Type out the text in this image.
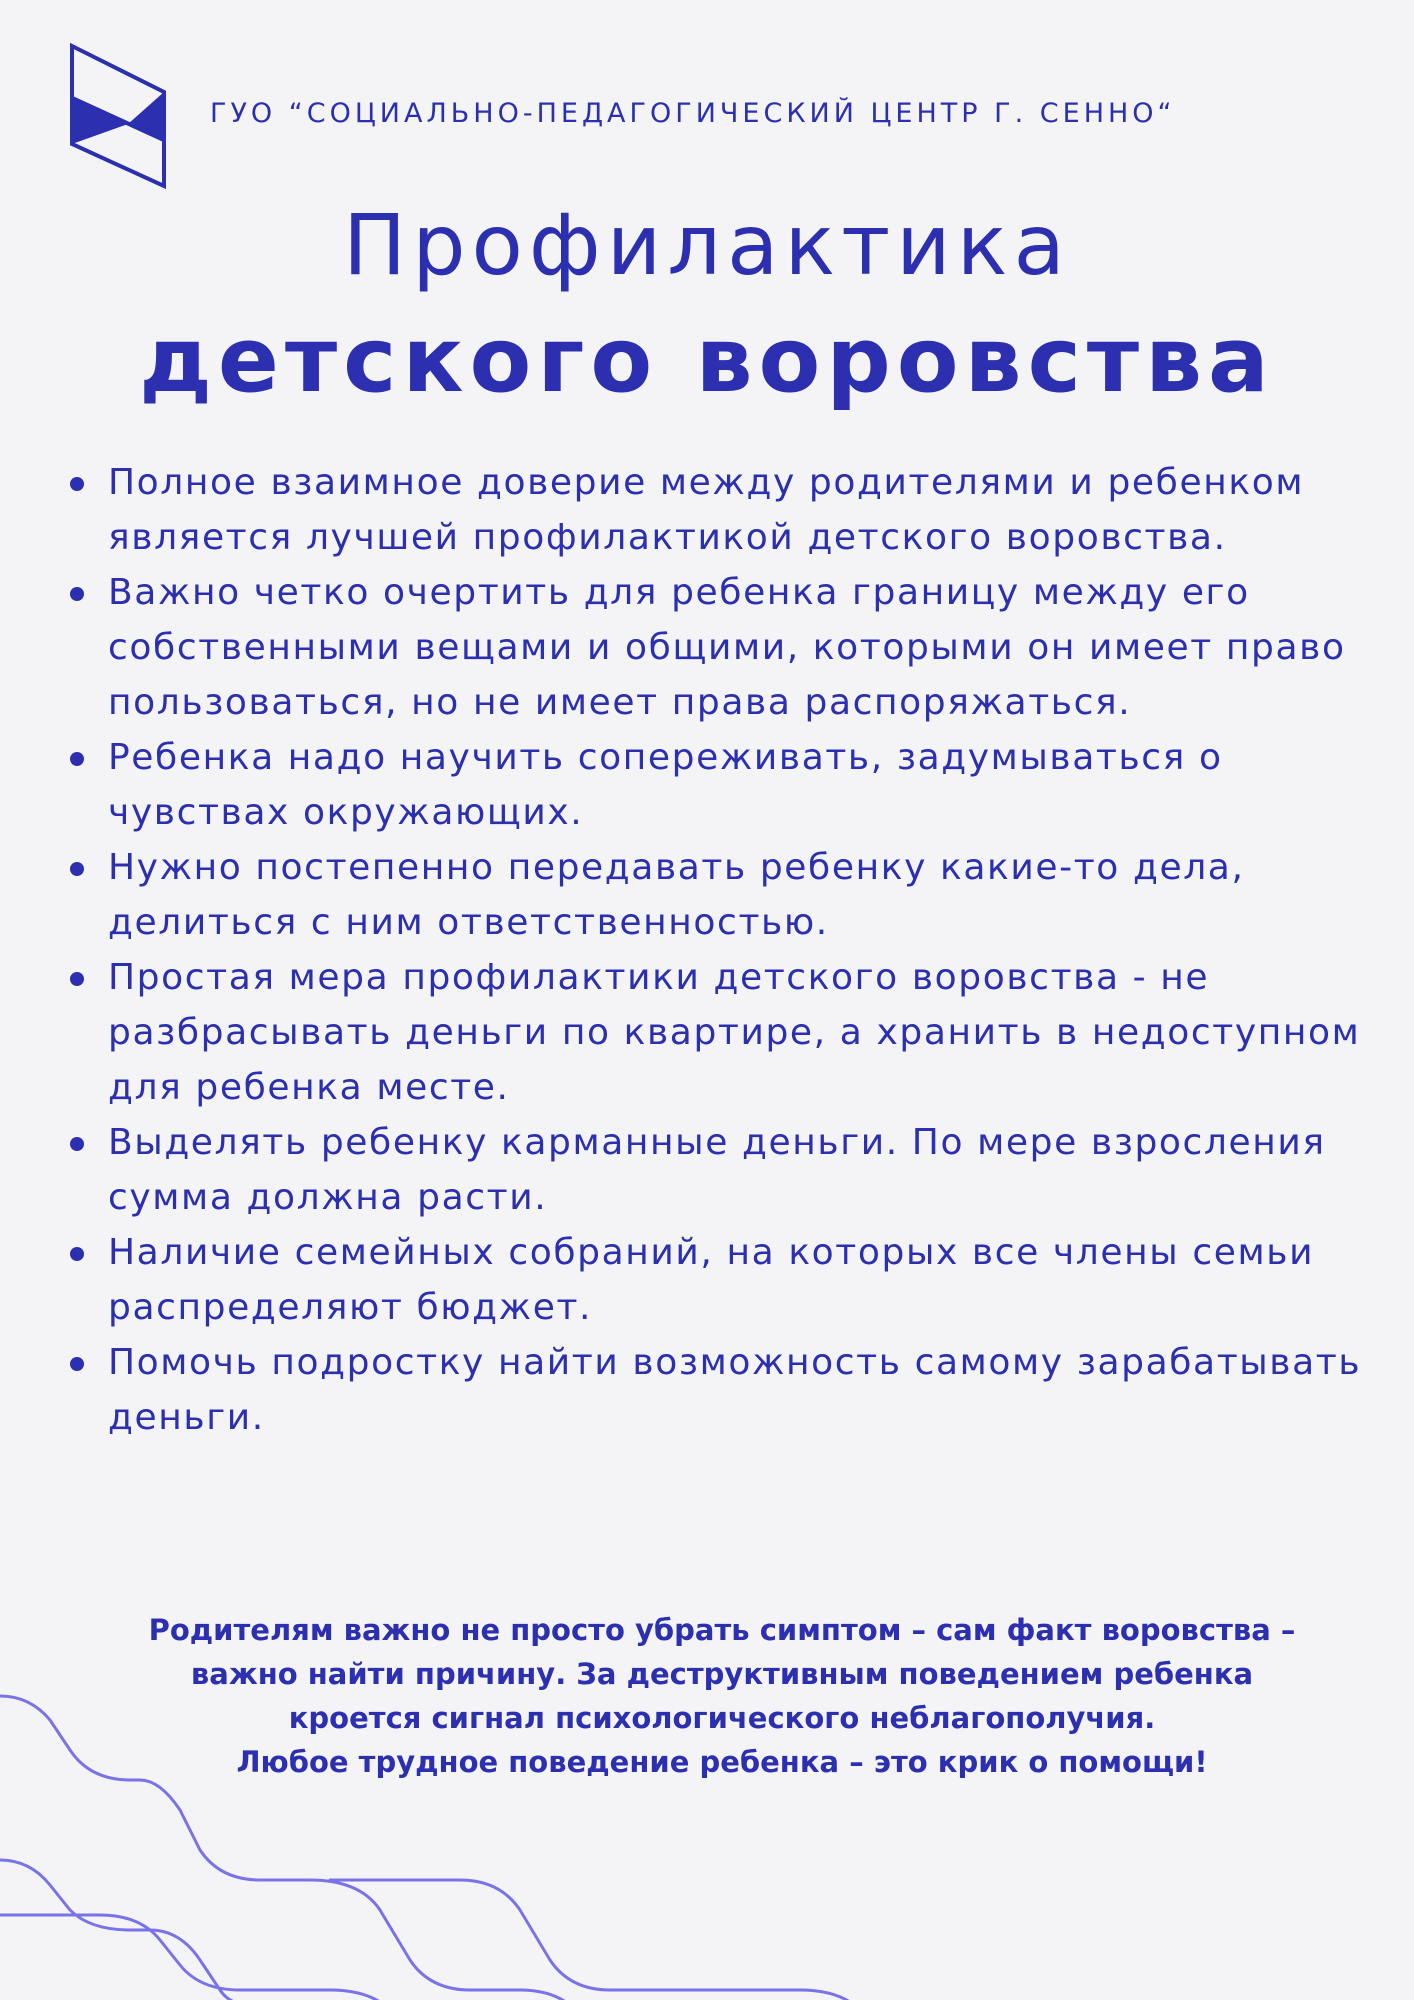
ГУО “СОЦИАЛЬНО-ПЕДАГОГИЧЕСКИЙ ЦЕНТР Г. СЕННО“
Профилактика
детского воровства
Полное взаимное доверие между родителями и ребенком является лучшей профилактикой детского воровства.
Важно четко очертить для ребенка границу между его собственными вещами и общими, которыми он имеет право пользоваться, но не имеет права распоряжаться.
Ребенка надо научить сопереживать, задумываться о чувствах окружающих.
Нужно постепенно передавать ребенку какие-то дела, делиться с ним ответственностью.
Простая мера профилактики детского воровства - не разбрасывать деньги по квартире, а хранить в недоступном для ребенка месте.
Выделять ребенку карманные деньги. По мере взросления сумма должна расти.
Наличие семейных собраний, на которых все члены семьи распределяют бюджет.
Помочь подростку найти возможность самому зарабатывать деньги.

Родителям важно не просто убрать симптом – сам факт воровства –

важно найти причину. За деструктивным поведением ребенка

кроется сигнал психологического неблагополучия.

Любое трудное поведение ребенка – это крик о помощи!
